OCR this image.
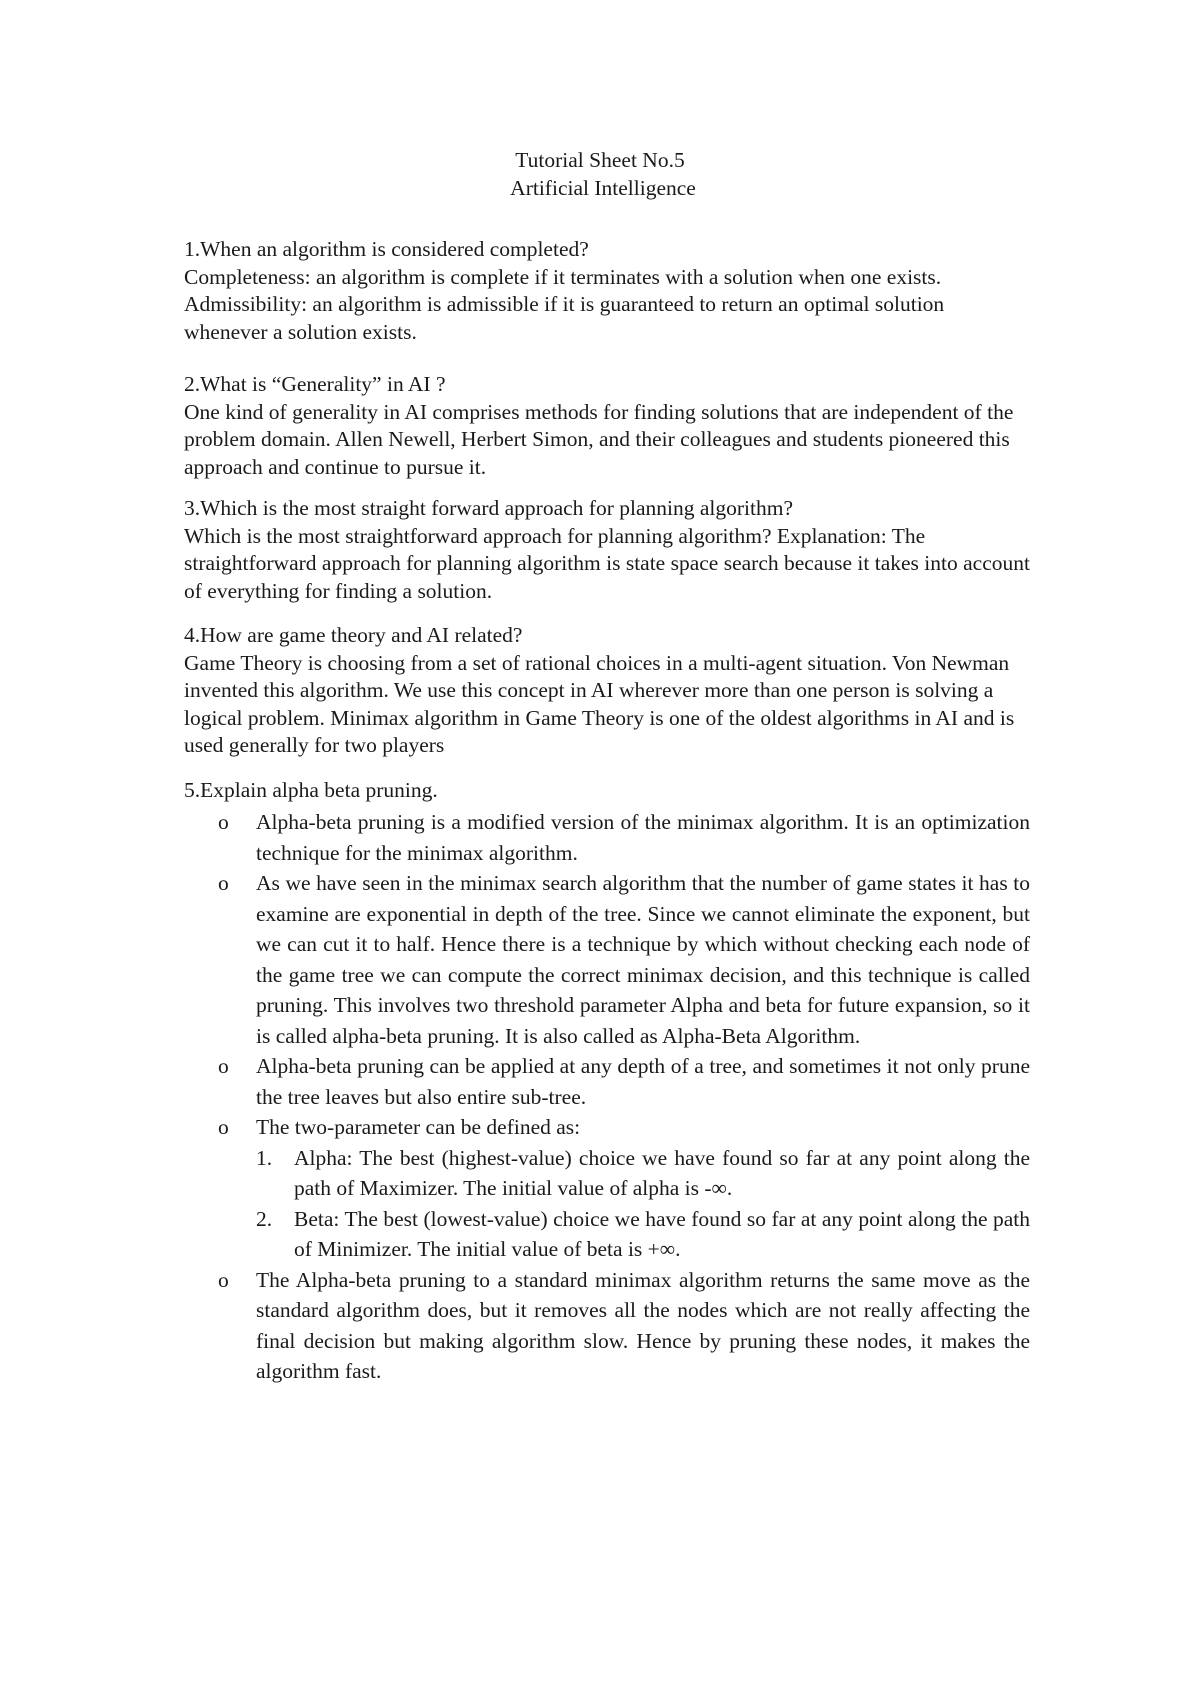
Tutorial Sheet No.5
Artificial Intelligence
1.When an algorithm is considered completed?
Completeness: an algorithm is complete if it terminates with a solution when one exists. Admissibility: an algorithm is admissible if it is guaranteed to return an optimal solution whenever a solution exists.
2.What is “Generality” in AI ?
One kind of generality in AI comprises methods for finding solutions that are independent of the problem domain. Allen Newell, Herbert Simon, and their colleagues and students pioneered this approach and continue to pursue it.
3.Which is the most straight forward approach for planning algorithm?
Which is the most straightforward approach for planning algorithm? Explanation: The straightforward approach for planning algorithm is state space search because it takes into account of everything for finding a solution.
4.How are game theory and AI related?
Game Theory is choosing from a set of rational choices in a multi-agent situation. Von Newman invented this algorithm. We use this concept in AI wherever more than one person is solving a logical problem. Minimax algorithm in Game Theory is one of the oldest algorithms in AI and is used generally for two players
5.Explain alpha beta pruning.
o	Alpha-beta pruning is a modified version of the minimax algorithm. It is an optimization technique for the minimax algorithm.
o	As we have seen in the minimax search algorithm that the number of game states it has to examine are exponential in depth of the tree. Since we cannot eliminate the exponent, but we can cut it to half. Hence there is a technique by which without checking each node of the game tree we can compute the correct minimax decision, and this technique is called pruning. This involves two threshold parameter Alpha and beta for future expansion, so it is called alpha-beta pruning. It is also called as Alpha-Beta Algorithm.
o	Alpha-beta pruning can be applied at any depth of a tree, and sometimes it not only prune the tree leaves but also entire sub-tree.
o	The two-parameter can be defined as:
1.	Alpha: The best (highest-value) choice we have found so far at any point along the path of Maximizer. The initial value of alpha is -∞.
2.	Beta: The best (lowest-value) choice we have found so far at any point along the path of Minimizer. The initial value of beta is +∞.
o	The Alpha-beta pruning to a standard minimax algorithm returns the same move as the standard algorithm does, but it removes all the nodes which are not really affecting the final decision but making algorithm slow. Hence by pruning these nodes, it makes the algorithm fast.
